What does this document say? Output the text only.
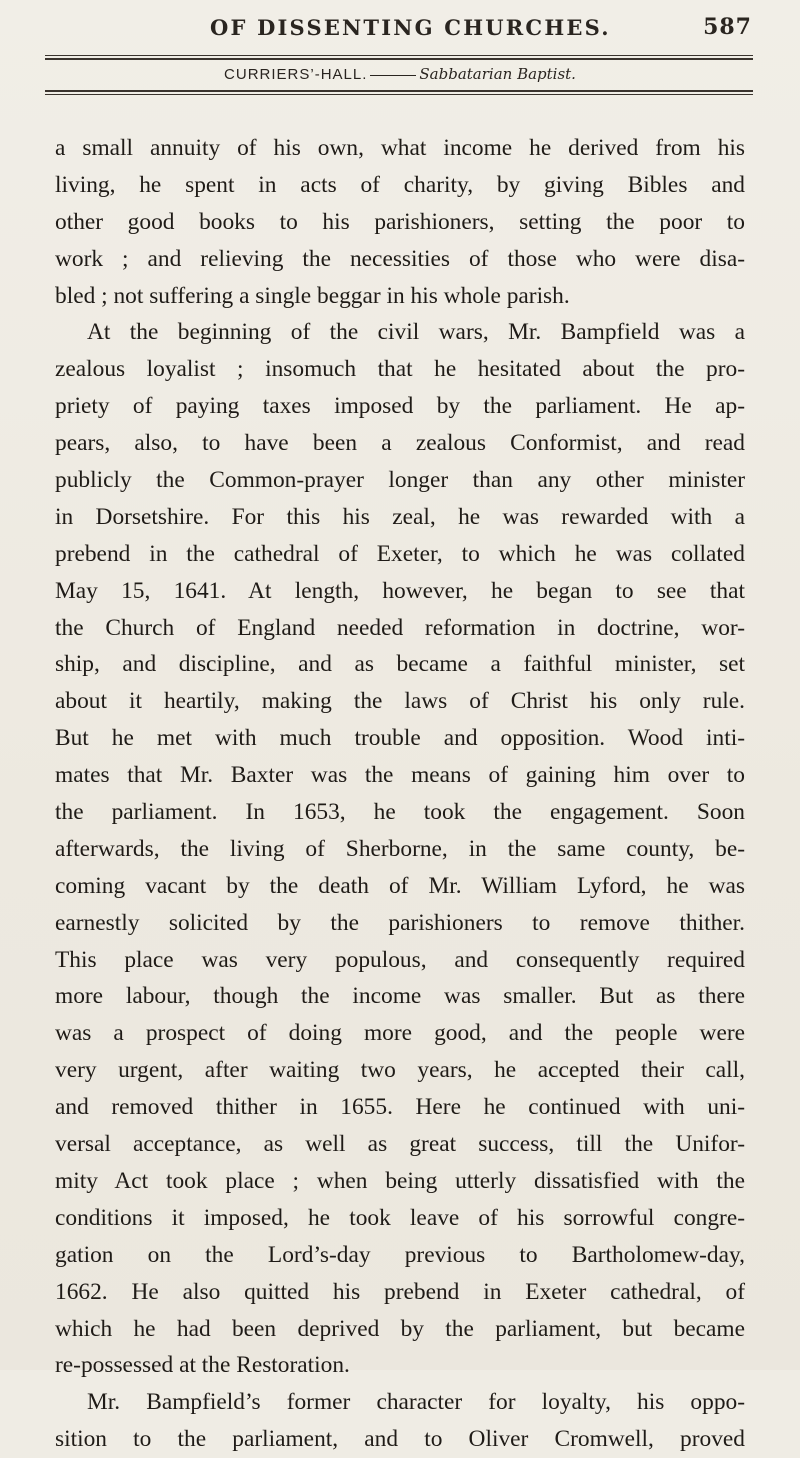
OF DISSENTING CHURCHES.	587
CURRIERS’-HALL.	Sabbatarian Baptist.
a small annuity of his own, what income he derived from his
living, he spent in acts of charity, by giving Bibles and
other good books to his parishioners, setting the poor to
work ; and relieving the necessities of those who were disa-
bled ; not suffering a single beggar in his whole parish.
At the beginning of the civil wars, Mr. Bampfield was a
zealous loyalist ; insomuch that he hesitated about the pro-
priety of paying taxes imposed by the parliament. He ap-
pears, also, to have been a zealous Conformist, and read
publicly the Common-prayer longer than any other minister
in Dorsetshire. For this his zeal, he was rewarded with a
prebend in the cathedral of Exeter, to which he was collated
May 15, 1641. At length, however, he began to see that
the Church of England needed reformation in doctrine, wor-
ship, and discipline, and as became a faithful minister, set
about it heartily, making the laws of Christ his only rule.
But he met with much trouble and opposition. Wood inti-
mates that Mr. Baxter was the means of gaining him over to
the parliament. In 1653, he took the engagement. Soon
afterwards, the living of Sherborne, in the same county, be-
coming vacant by the death of Mr. William Lyford, he was
earnestly solicited by the parishioners to remove thither.
This place was very populous, and consequently required
more labour, though the income was smaller. But as there
was a prospect of doing more good, and the people were
very urgent, after waiting two years, he accepted their call,
and removed thither in 1655. Here he continued with uni-
versal acceptance, as well as great success, till the Unifor-
mity Act took place ; when being utterly dissatisfied with the
conditions it imposed, he took leave of his sorrowful congre-
gation on the Lord’s-day previous to Bartholomew-day,
1662. He also quitted his prebend in Exeter cathedral, of
which he had been deprived by the parliament, but became
re-possessed at the Restoration.
Mr. Bampfield’s former character for loyalty, his oppo-
sition to the parliament, and to Oliver Cromwell, proved
